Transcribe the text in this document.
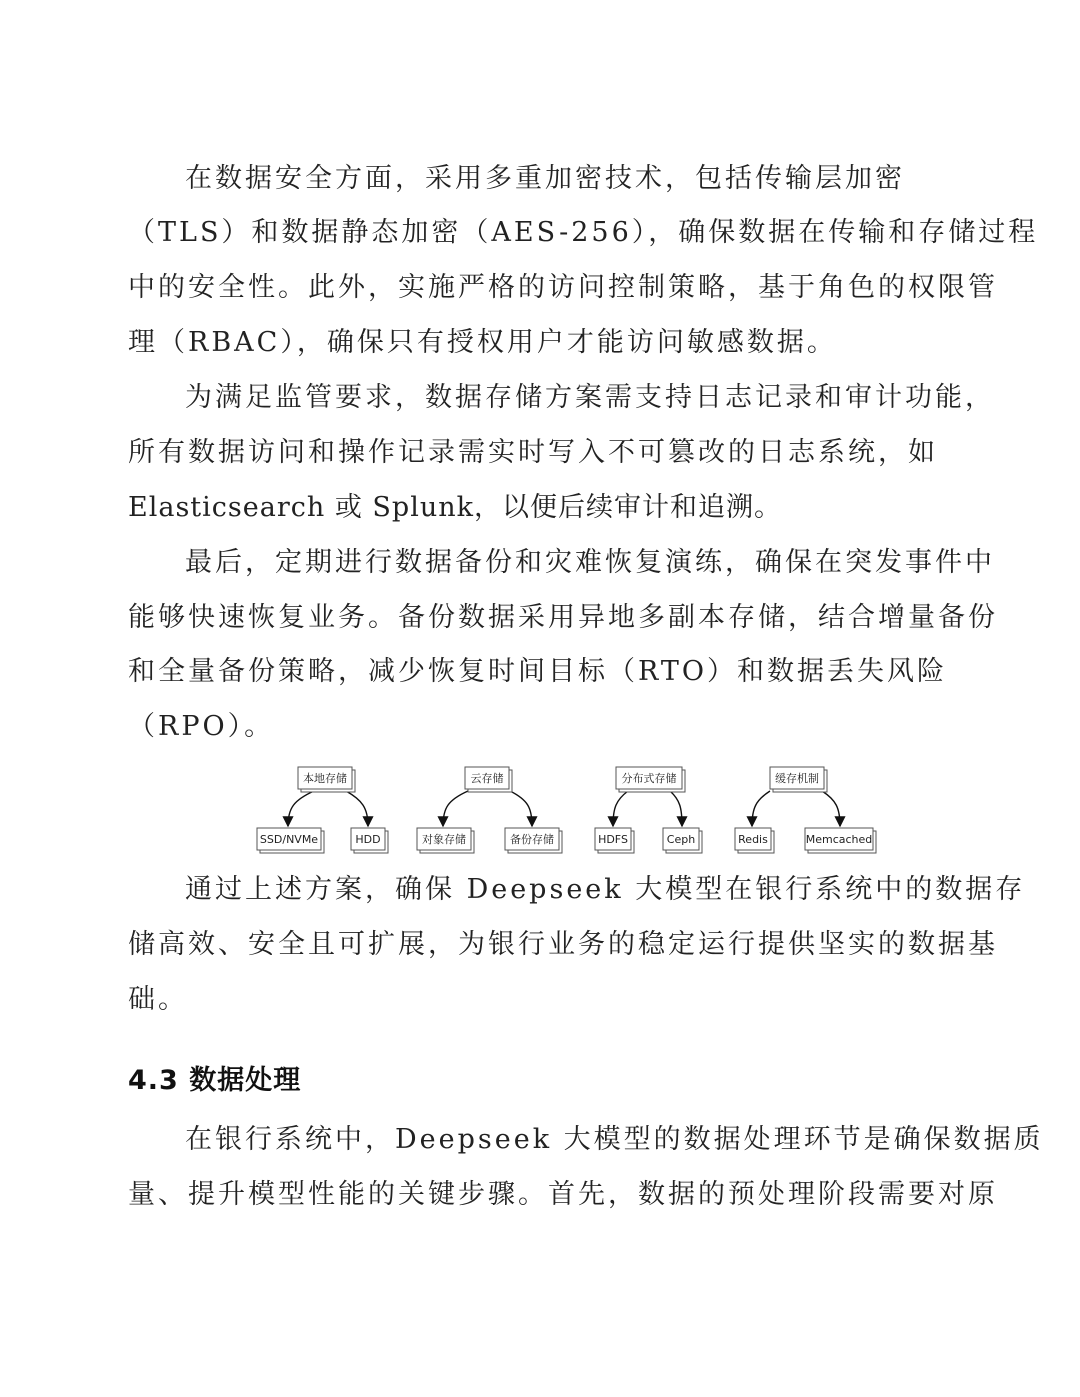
在数据安全方面，采用多重加密技术，包括传输层加密
（TLS）和数据静态加密（AES-256），确保数据在传输和存储过程
中的安全性。此外，实施严格的访问控制策略，基于角色的权限管
理（RBAC），确保只有授权用户才能访问敏感数据。
为满足监管要求，数据存储方案需支持日志记录和审计功能，
所有数据访问和操作记录需实时写入不可篡改的日志系统，如
Elasticsearch 或 Splunk，以便后续审计和追溯。
最后，定期进行数据备份和灾难恢复演练，确保在突发事件中
能够快速恢复业务。备份数据采用异地多副本存储，结合增量备份
和全量备份策略，减少恢复时间目标（RTO）和数据丢失风险
（RPO）。
本地存储
SSD/NVMe	HDD
云存储
对象存储	备份存储
分布式存储
HDFS	Ceph
缓存机制
Redis	Memcached
通过上述方案，确保 Deepseek 大模型在银行系统中的数据存
储高效、安全且可扩展，为银行业务的稳定运行提供坚实的数据基
础。
4.3 数据处理
在银行系统中，Deepseek 大模型的数据处理环节是确保数据质
量、提升模型性能的关键步骤。首先，数据的预处理阶段需要对原
